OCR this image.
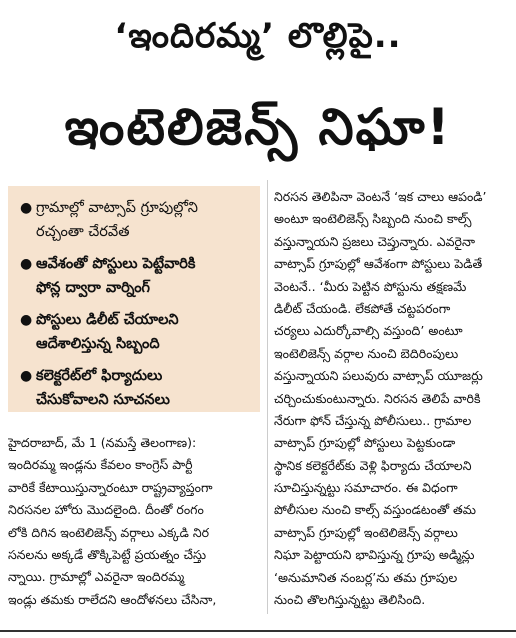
‘ఇందిరమ్మ’ లొల్లిపై..
ఇంటెలిజెన్స్ నిఘా!
● గ్రామాల్లో వాట్సాప్ గ్రూపుల్లోని
రచ్చంతా చేరవేత
● ఆవేశంతో పోస్టులు పెట్టేవారికి
ఫోన్ల ద్వారా వార్నింగ్
● పోస్టులు డిలీట్ చేయాలని
ఆదేశాలిస్తున్న సిబ్బంది
● కలెక్టరేట్‌లో ఫిర్యాదులు
చేసుకోవాలని సూచనలు
హైదరాబాద్, మే 1 (నమస్తే తెలంగాణ):
ఇందిరమ్మ ఇండ్లను కేవలం కాంగ్రెస్ పార్టీ
వారికే కేటాయిస్తున్నారంటూ రాష్ట్రవ్యాప్తంగా
నిరసనల హోరు మొదలైంది. దీంతో రంగం
లోకి దిగిన ఇంటెలిజెన్స్ వర్గాలు ఎక్కడి నిర
సనలను అక్కడే తొక్కిపెట్టే ప్రయత్నం చేస్తు
న్నాయి. గ్రామాల్లో ఎవరైనా ఇందిరమ్మ
ఇండ్లు తమకు రాలేదని ఆందోళనలు చేసినా,
నిరసన తెలిపినా వెంటనే ‘ఇక చాలు ఆపండి’
అంటూ ఇంటెలిజెన్స్ సిబ్బంది నుంచి కాల్స్
వస్తున్నాయని ప్రజలు చెప్తున్నారు. ఎవరైనా
వాట్సాప్ గ్రూపుల్లో ఆవేశంగా పోస్టులు పెడితే
వెంటనే.. ‘మీరు పెట్టిన పోస్టును తక్షణమే
డిలీట్ చేయండి. లేకపోతే చట్టపరంగా
చర్యలు ఎదుర్కోవాల్సి వస్తుంది’ అంటూ
ఇంటెలిజెన్స్ వర్గాల నుంచి బెదిరింపులు
వస్తున్నాయని పలువురు వాట్సాప్ యూజర్లు
చర్చించుకుంటున్నారు. నిరసన తెలిపే వారికి
నేరుగా ఫోన్ చేస్తున్న పోలీసులు.. గ్రామాల
వాట్సాప్ గ్రూపుల్లో పోస్టులు పెట్టకుండా
స్థానిక కలెక్టరేట్‌కు వెళ్లి ఫిర్యాదు చేయాలని
సూచిస్తున్నట్టు సమాచారం. ఈ విధంగా
పోలీసుల నుంచి కాల్స్ వస్తుండటంతో తమ
వాట్సాప్ గ్రూపుల్లో ఇంటెలిజెన్స్ వర్గాలు
నిఘా పెట్టాయని భావిస్తున్న గ్రూపు అడ్మిన్లు
‘అనుమానిత నంబర్ల’ను తమ గ్రూపుల
నుంచి తొలగిస్తున్నట్టు తెలిసింది.
